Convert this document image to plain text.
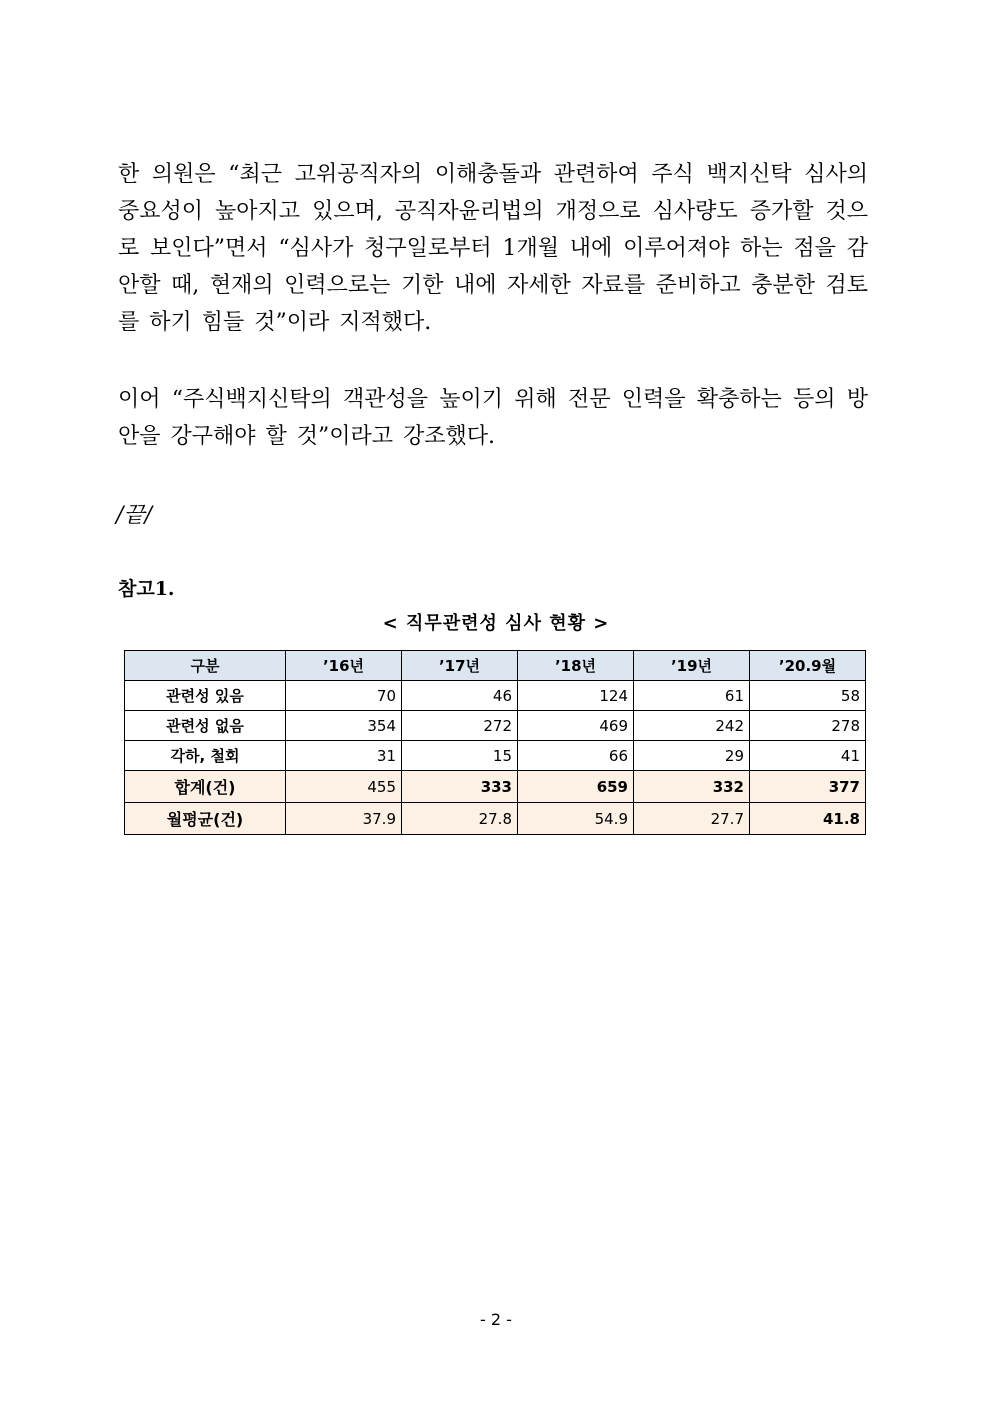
한 의원은 “최근 고위공직자의 이해충돌과 관련하여 주식 백지신탁 심사의 중요성이 높아지고 있으며, 공직자윤리법의 개정으로 심사량도 증가할 것으로 보인다”면서 “심사가 청구일로부터 1개월 내에 이루어져야 하는 점을 감안할 때, 현재의 인력으로는 기한 내에 자세한 자료를 준비하고 충분한 검토를 하기 힘들 것”이라 지적했다.

이어 “주식백지신탁의 객관성을 높이기 위해 전문 인력을 확충하는 등의 방안을 강구해야 할 것”이라고 강조했다.

/끝/
참고1.
< 직무관련성 심사 현황 >
구분	’16년	’17년	’18년	’19년	’20.9월
관련성 있음	70	46	124	61	58
관련성 없음	354	272	469	242	278
각하, 철회	31	15	66	29	41
합계(건)	455	333	659	332	377
월평균(건)	37.9	27.8	54.9	27.7	41.8
- 2 -
